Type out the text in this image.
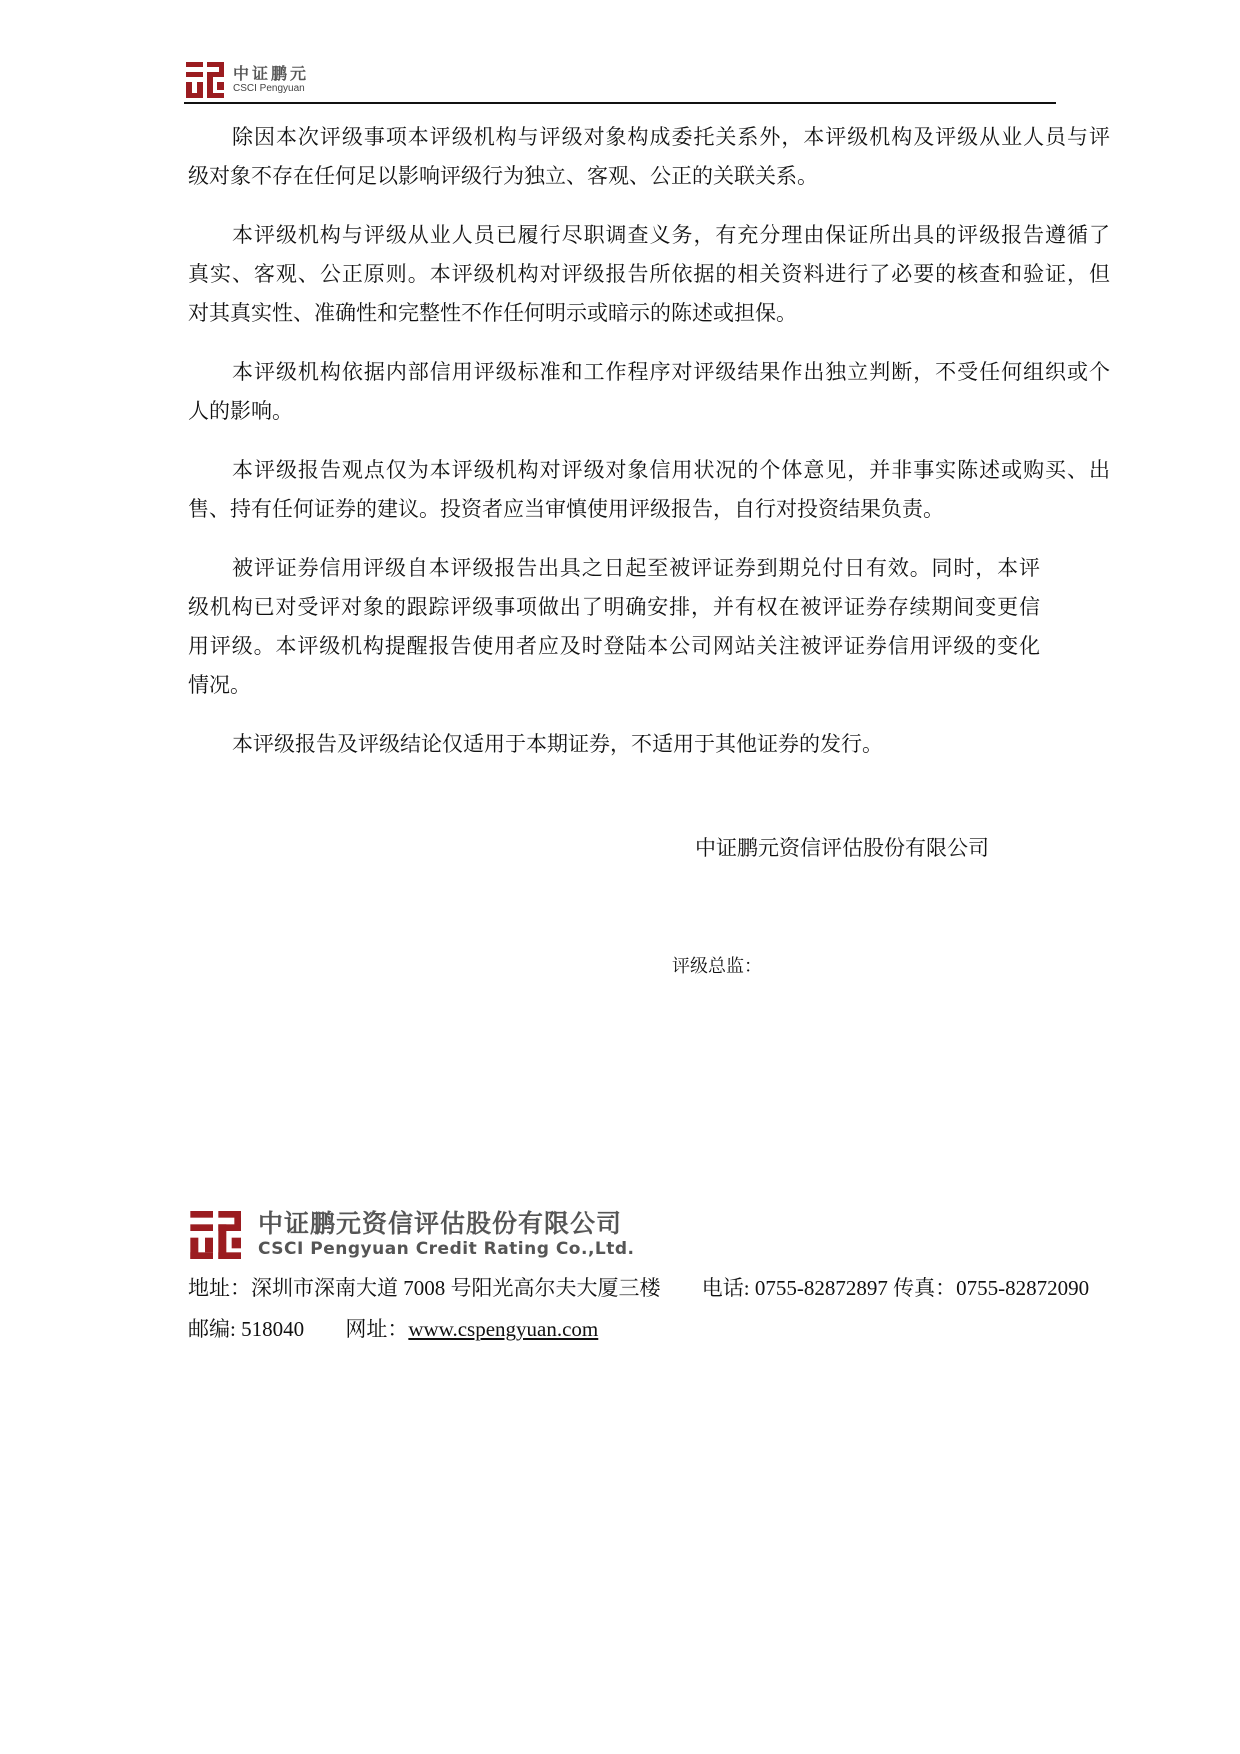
中证鹏元
CSCI Pengyuan
除因本次评级事项本评级机构与评级对象构成委托关系外，本评级机构及评级从业人员与评
级对象不存在任何足以影响评级行为独立、客观、公正的关联关系。
本评级机构与评级从业人员已履行尽职调查义务，有充分理由保证所出具的评级报告遵循了
真实、客观、公正原则。本评级机构对评级报告所依据的相关资料进行了必要的核查和验证，但
对其真实性、准确性和完整性不作任何明示或暗示的陈述或担保。
本评级机构依据内部信用评级标准和工作程序对评级结果作出独立判断，不受任何组织或个
人的影响。
本评级报告观点仅为本评级机构对评级对象信用状况的个体意见，并非事实陈述或购买、出
售、持有任何证券的建议。投资者应当审慎使用评级报告，自行对投资结果负责。
被评证券信用评级自本评级报告出具之日起至被评证券到期兑付日有效。同时，本评
级机构已对受评对象的跟踪评级事项做出了明确安排，并有权在被评证券存续期间变更信
用评级。本评级机构提醒报告使用者应及时登陆本公司网站关注被评证券信用评级的变化
情况。
本评级报告及评级结论仅适用于本期证券，不适用于其他证券的发行。
中证鹏元资信评估股份有限公司
评级总监：
中证鹏元资信评估股份有限公司
CSCI Pengyuan Credit Rating Co.,Ltd.
地址：深圳市深南大道 7008 号阳光高尔夫大厦三楼 电话: 0755-82872897 传真：0755-82872090
邮编: 518040 网址：www.cspengyuan.com
